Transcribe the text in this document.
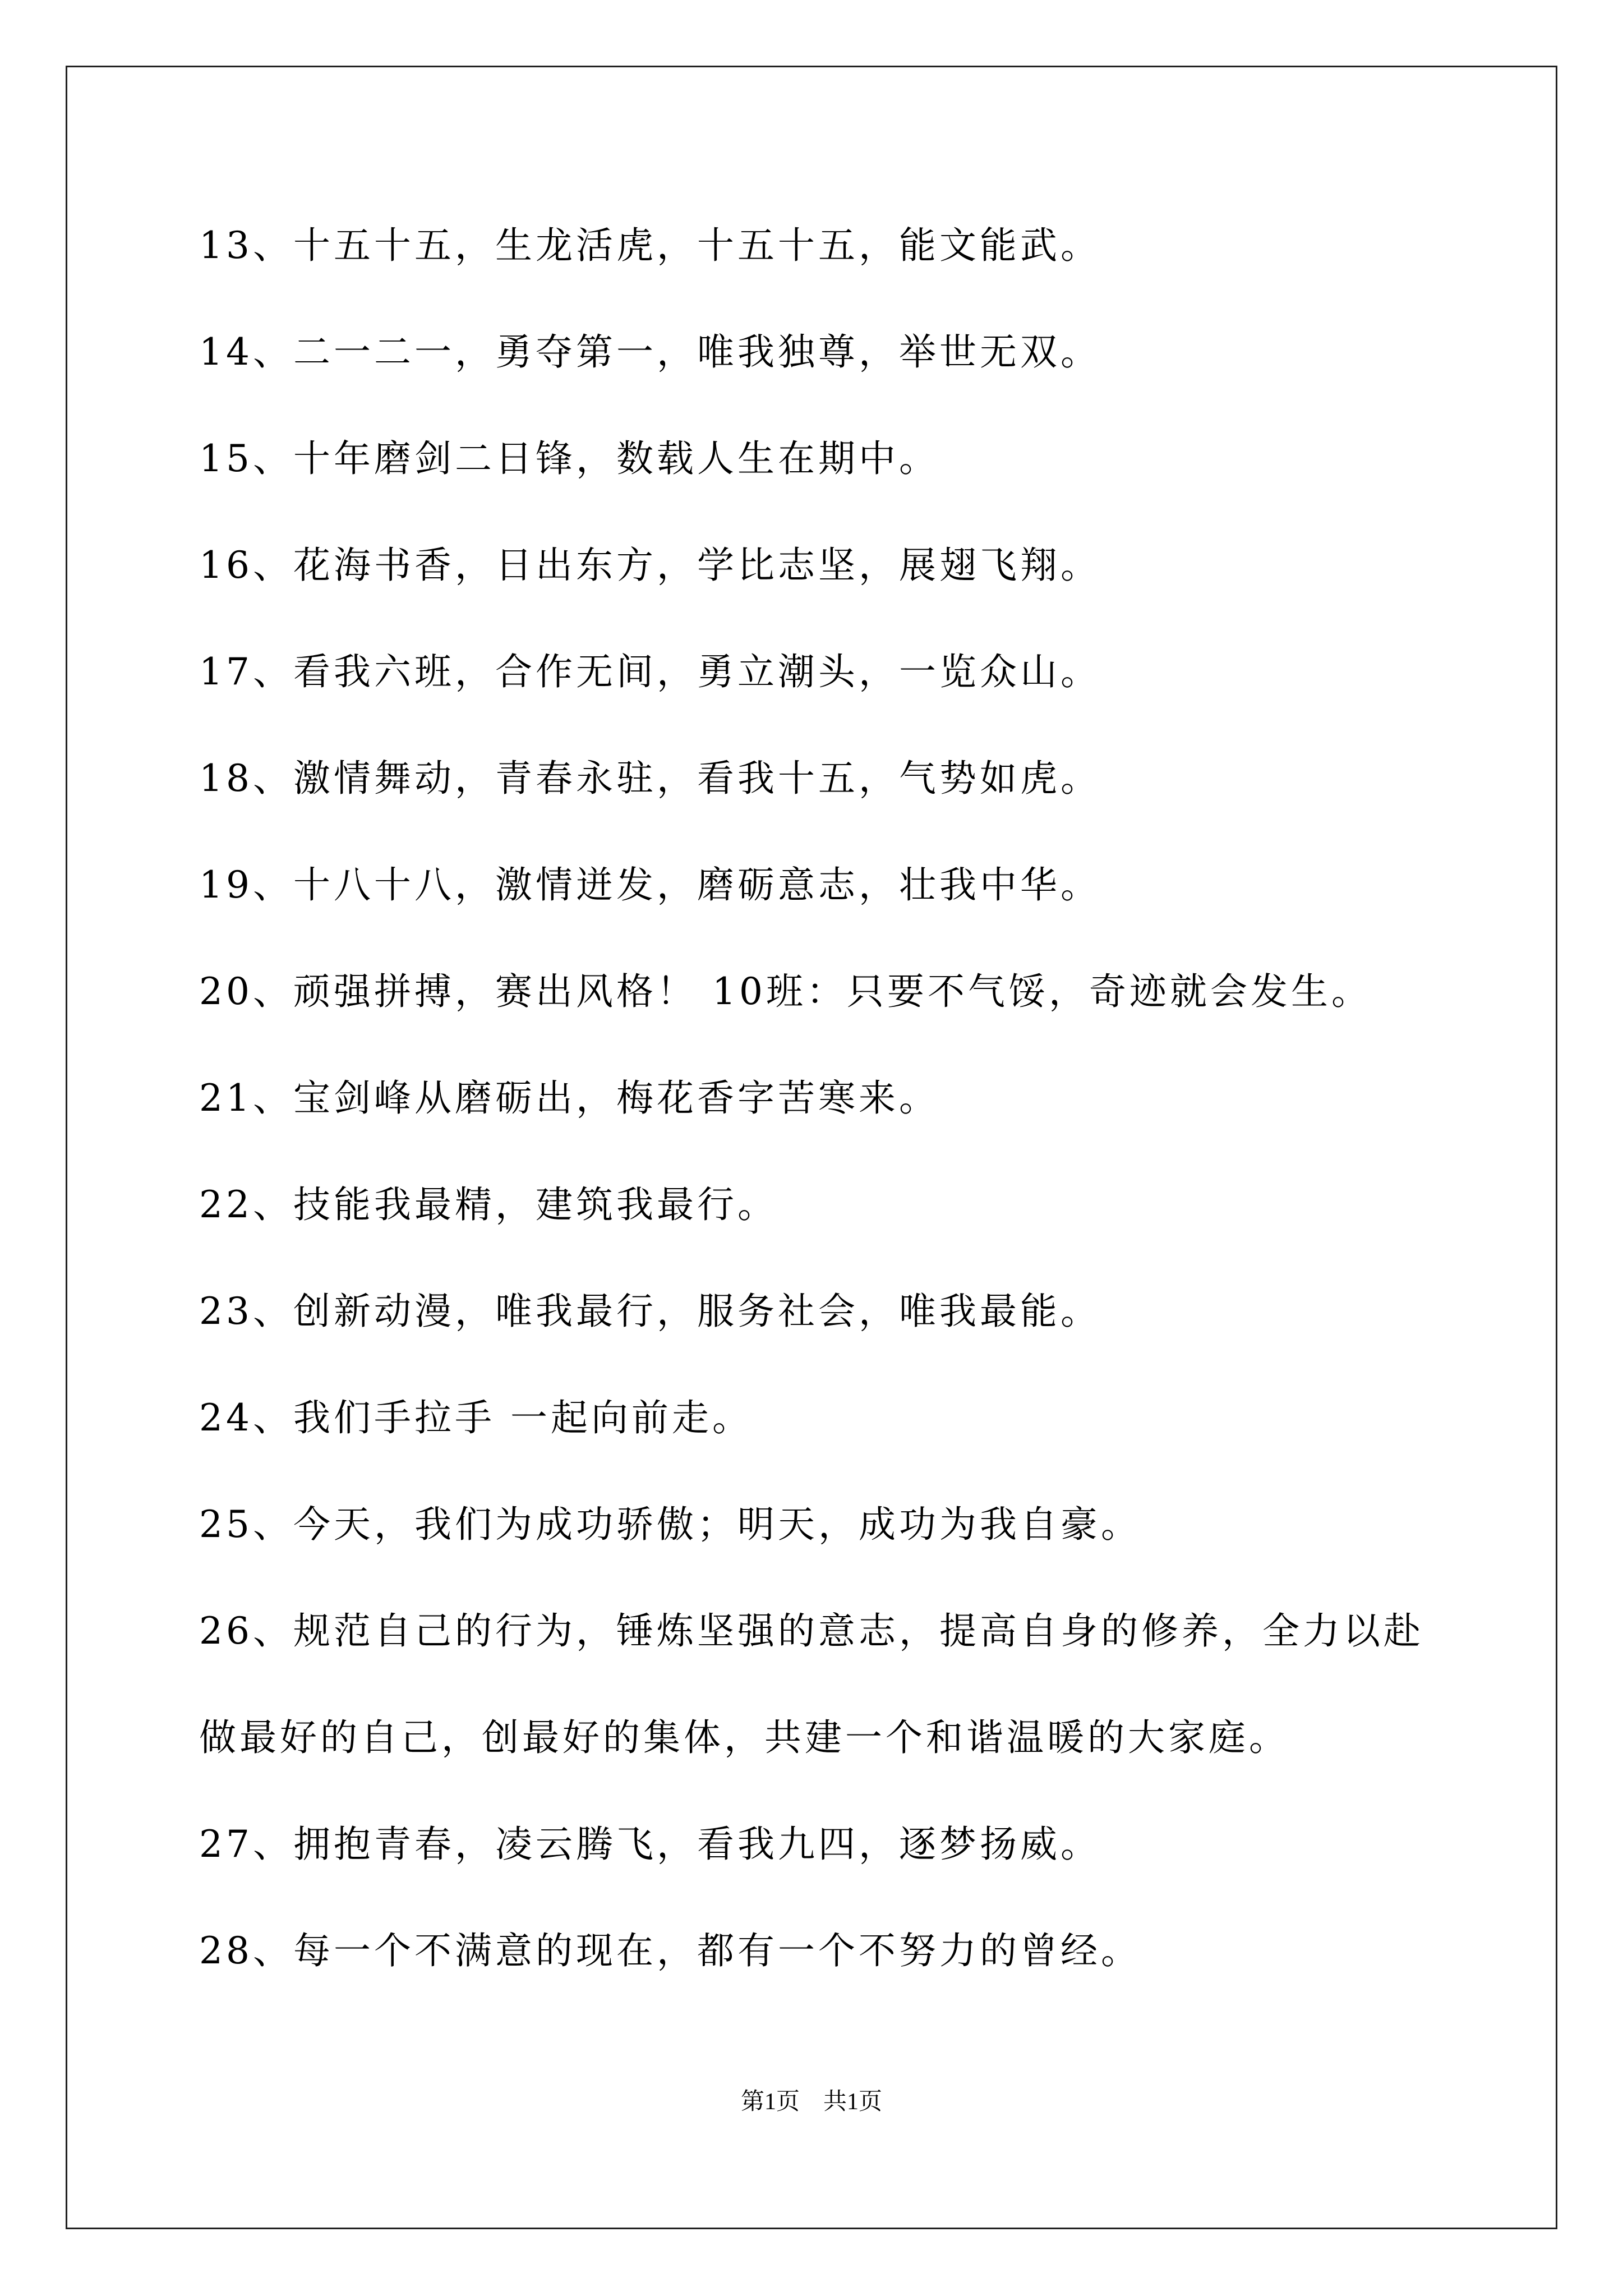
13、十五十五，生龙活虎，十五十五，能文能武。
14、二一二一，勇夺第一，唯我独尊，举世无双。
15、十年磨剑二日锋，数载人生在期中。
16、花海书香，日出东方，学比志坚，展翅飞翔。
17、看我六班，合作无间，勇立潮头，一览众山。
18、激情舞动，青春永驻，看我十五，气势如虎。
19、十八十八，激情迸发，磨砺意志，壮我中华。
20、顽强拼搏，赛出风格！ 10班：只要不气馁，奇迹就会发生。
21、宝剑峰从磨砺出，梅花香字苦寒来。
22、技能我最精，建筑我最行。
23、创新动漫，唯我最行，服务社会，唯我最能。
24、我们手拉手 一起向前走。
25、今天，我们为成功骄傲；明天，成功为我自豪。
26、规范自己的行为，锤炼坚强的意志，提高自身的修养，全力以赴
做最好的自己，创最好的集体，共建一个和谐温暖的大家庭。
27、拥抱青春，凌云腾飞，看我九四，逐梦扬威。
28、每一个不满意的现在，都有一个不努力的曾经。
第1页　共1页
